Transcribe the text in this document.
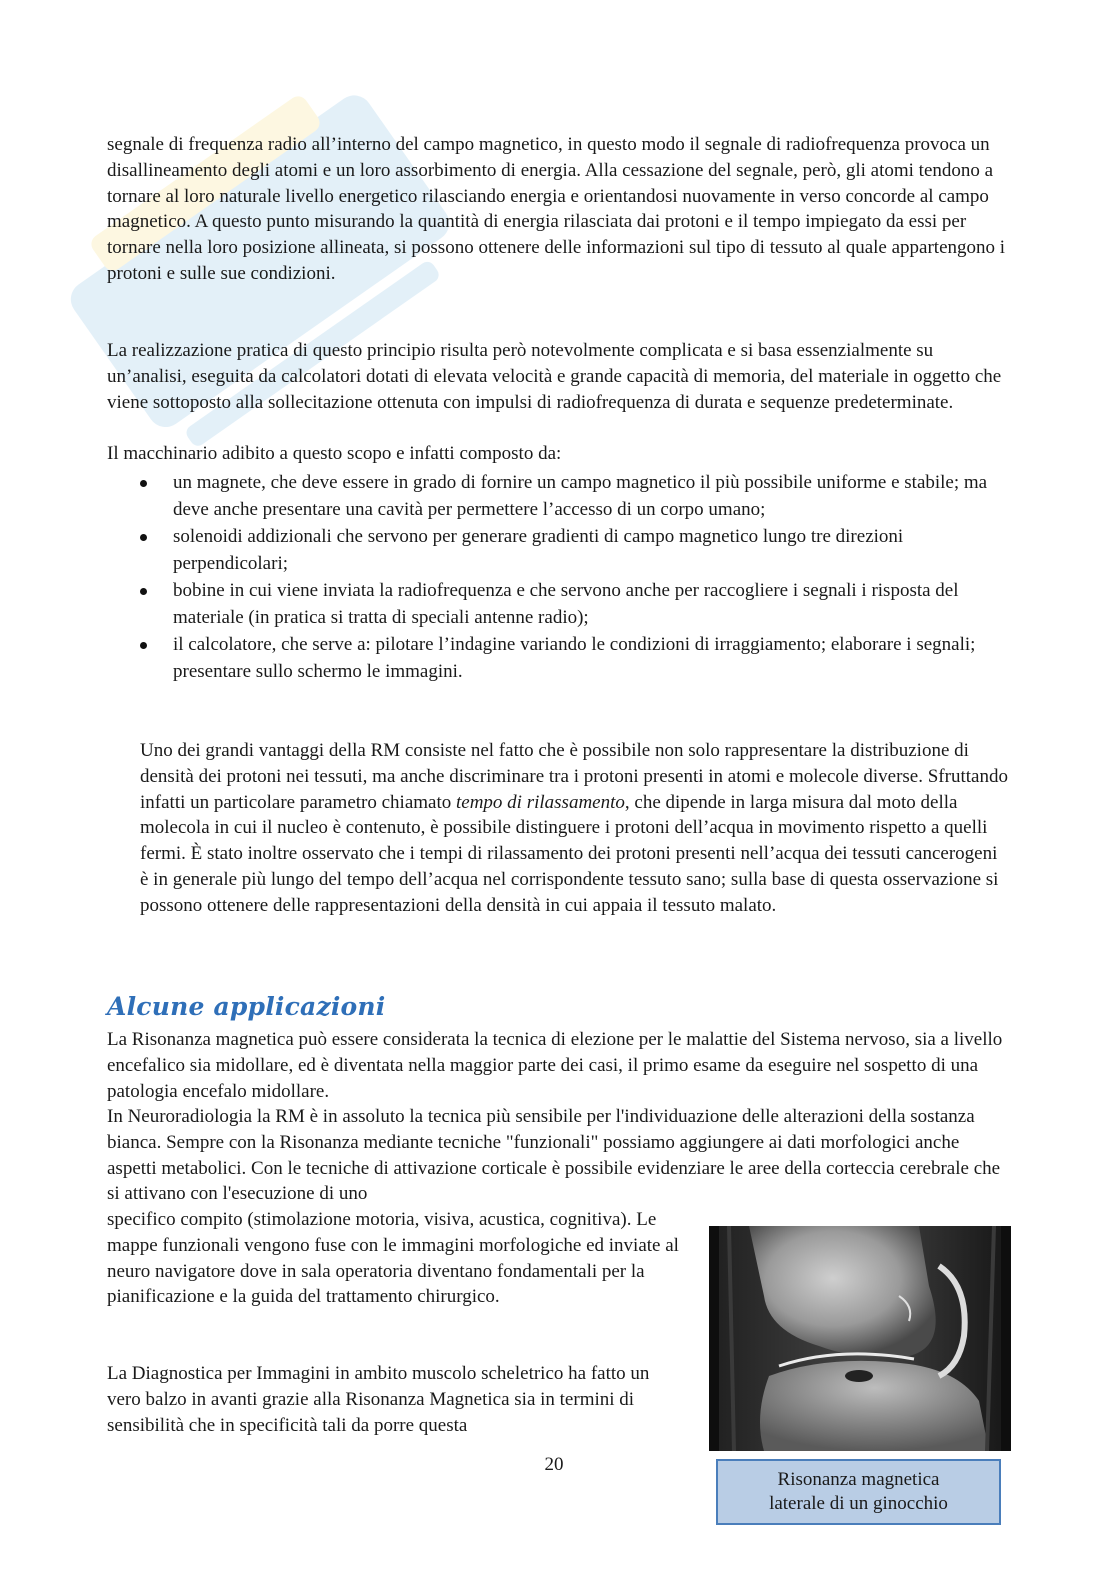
segnale di frequenza radio all’interno del campo magnetico, in questo modo il segnale di radiofrequenza provoca un disallineamento degli atomi e un loro assorbimento di energia. Alla cessazione del segnale, però, gli atomi tendono a tornare al loro naturale livello energetico rilasciando energia e orientandosi nuovamente in verso concorde al campo magnetico. A questo punto misurando la quantità di energia rilasciata dai protoni e il tempo impiegato da essi per tornare nella loro posizione allineata, si possono ottenere delle informazioni sul tipo di tessuto al quale appartengono i protoni e sulle sue condizioni.

La realizzazione pratica di questo principio risulta però notevolmente complicata e si basa essenzialmente su un’analisi, eseguita da calcolatori dotati di elevata velocità e grande capacità di memoria, del materiale in oggetto che viene sottoposto alla sollecitazione ottenuta con impulsi di radiofrequenza di durata e sequenze predeterminate.

Il macchinario adibito a questo scopo e infatti composto da:

un magnete, che deve essere in grado di fornire un campo magnetico il più possibile uniforme e stabile; ma deve anche presentare una cavità per permettere l’accesso di un corpo umano;
solenoidi addizionali che servono per generare gradienti di campo magnetico lungo tre direzioni perpendicolari;
bobine in cui viene inviata la radiofrequenza e che servono anche per raccogliere i segnali i risposta del materiale (in pratica si tratta di speciali antenne radio);
il calcolatore, che serve a: pilotare l’indagine variando le condizioni di irraggiamento; elaborare i segnali; presentare sullo schermo le immagini.

Uno dei grandi vantaggi della RM consiste nel fatto che è possibile non solo rappresentare la distribuzione di densità dei protoni nei tessuti, ma anche discriminare tra i protoni presenti in atomi e molecole diverse. Sfruttando infatti un particolare parametro chiamato tempo di rilassamento, che dipende in larga misura dal moto della molecola in cui il nucleo è contenuto, è possibile distinguere i protoni dell’acqua in movimento rispetto a quelli fermi. È stato inoltre osservato che i tempi di rilassamento dei protoni presenti nell’acqua dei tessuti cancerogeni è in generale più lungo del tempo dell’acqua nel corrispondente tessuto sano; sulla base di questa osservazione si possono ottenere delle rappresentazioni della densità in cui appaia il tessuto malato.

Alcune applicazioni

La Risonanza magnetica può essere considerata la tecnica di elezione per le malattie del Sistema nervoso, sia a livello encefalico sia midollare, ed è diventata nella maggior parte dei casi, il primo esame da eseguire nel sospetto di una patologia encefalo midollare.

In Neuroradiologia la RM è in assoluto la tecnica più sensibile per l'individuazione delle alterazioni della sostanza bianca. Sempre con la Risonanza mediante tecniche "funzionali" possiamo aggiungere ai dati morfologici anche aspetti metabolici. Con le tecniche di attivazione corticale è possibile evidenziare le aree della corteccia cerebrale che si attivano con l'esecuzione di uno

specifico compito (stimolazione motoria, visiva, acustica, cognitiva). Le mappe funzionali vengono fuse con le immagini morfologiche ed inviate al neuro navigatore dove in sala operatoria diventano fondamentali per la pianificazione e la guida del trattamento chirurgico.

La Diagnostica per Immagini in ambito muscolo scheletrico ha fatto un vero balzo in avanti grazie alla Risonanza Magnetica sia in termini di sensibilità che in specificità tali da porre questa

Risonanza magnetica
laterale di un ginocchio
20
